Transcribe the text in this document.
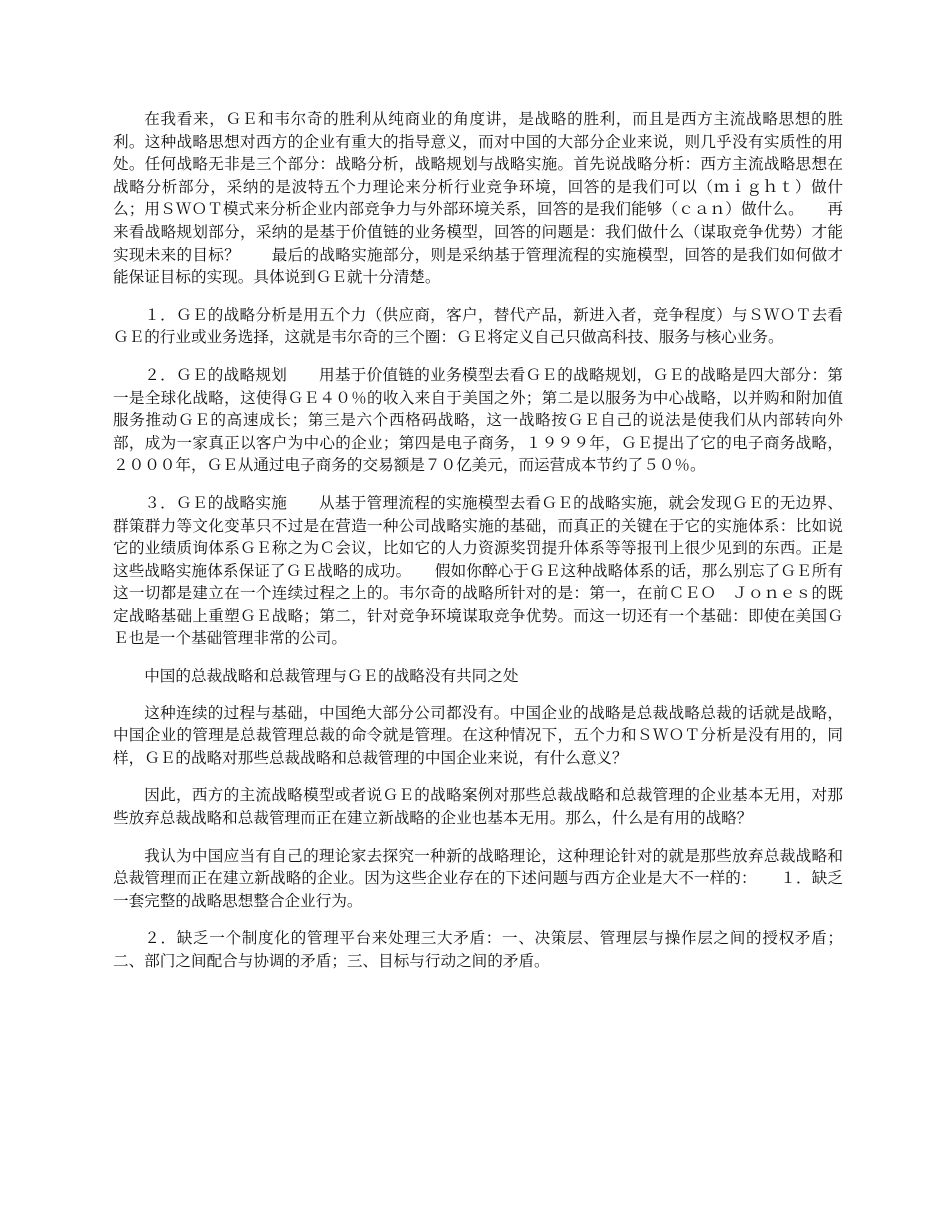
在我看来，ＧＥ和韦尔奇的胜利从纯商业的角度讲，是战略的胜利，而且是西方主流战略思想的胜利。这种战略思想对西方的企业有重大的指导意义，而对中国的大部分企业来说，则几乎没有实质性的用处。任何战略无非是三个部分：战略分析，战略规划与战略实施。首先说战略分析：西方主流战略思想在战略分析部分，采纳的是波特五个力理论来分析行业竞争环境，回答的是我们可以（ｍｉｇｈｔ）做什么；用ＳＷＯＴ模式来分析企业内部竞争力与外部环境关系，回答的是我们能够（ｃａｎ）做什么。　　再来看战略规划部分，采纳的是基于价值链的业务模型，回答的问题是：我们做什么（谋取竞争优势）才能实现未来的目标？　　最后的战略实施部分，则是采纳基于管理流程的实施模型，回答的是我们如何做才能保证目标的实现。具体说到ＧＥ就十分清楚。

１．ＧＥ的战略分析是用五个力（供应商，客户，替代产品，新进入者，竞争程度）与ＳＷＯＴ去看ＧＥ的行业或业务选择，这就是韦尔奇的三个圈：ＧＥ将定义自己只做高科技、服务与核心业务。

２．ＧＥ的战略规划　　用基于价值链的业务模型去看ＧＥ的战略规划，ＧＥ的战略是四大部分：第一是全球化战略，这使得ＧＥ４０％的收入来自于美国之外；第二是以服务为中心战略，以并购和附加值服务推动ＧＥ的高速成长；第三是六个西格码战略，这一战略按ＧＥ自己的说法是使我们从内部转向外部，成为一家真正以客户为中心的企业；第四是电子商务，１９９９年，ＧＥ提出了它的电子商务战略，２０００年，ＧＥ从通过电子商务的交易额是７０亿美元，而运营成本节约了５０％。

３．ＧＥ的战略实施　　从基于管理流程的实施模型去看ＧＥ的战略实施，就会发现ＧＥ的无边界、群策群力等文化变革只不过是在营造一种公司战略实施的基础，而真正的关键在于它的实施体系：比如说它的业绩质询体系ＧＥ称之为Ｃ会议，比如它的人力资源奖罚提升体系等等报刊上很少见到的东西。正是这些战略实施体系保证了ＧＥ战略的成功。　　假如你醉心于ＧＥ这种战略体系的话，那么别忘了ＧＥ所有这一切都是建立在一个连续过程之上的。韦尔奇的战略所针对的是：第一，在前ＣＥＯ　Ｊｏｎｅｓ的既定战略基础上重塑ＧＥ战略；第二，针对竞争环境谋取竞争优势。而这一切还有一个基础：即使在美国ＧＥ也是一个基础管理非常的公司。

中国的总裁战略和总裁管理与ＧＥ的战略没有共同之处

这种连续的过程与基础，中国绝大部分公司都没有。中国企业的战略是总裁战略总裁的话就是战略，中国企业的管理是总裁管理总裁的命令就是管理。在这种情况下，五个力和ＳＷＯＴ分析是没有用的，同样，ＧＥ的战略对那些总裁战略和总裁管理的中国企业来说，有什么意义？

因此，西方的主流战略模型或者说ＧＥ的战略案例对那些总裁战略和总裁管理的企业基本无用，对那些放弃总裁战略和总裁管理而正在建立新战略的企业也基本无用。那么，什么是有用的战略？

我认为中国应当有自己的理论家去探究一种新的战略理论，这种理论针对的就是那些放弃总裁战略和总裁管理而正在建立新战略的企业。因为这些企业存在的下述问题与西方企业是大不一样的：　　１．缺乏一套完整的战略思想整合企业行为。

２．缺乏一个制度化的管理平台来处理三大矛盾：一、决策层、管理层与操作层之间的授权矛盾；二、部门之间配合与协调的矛盾；三、目标与行动之间的矛盾。
